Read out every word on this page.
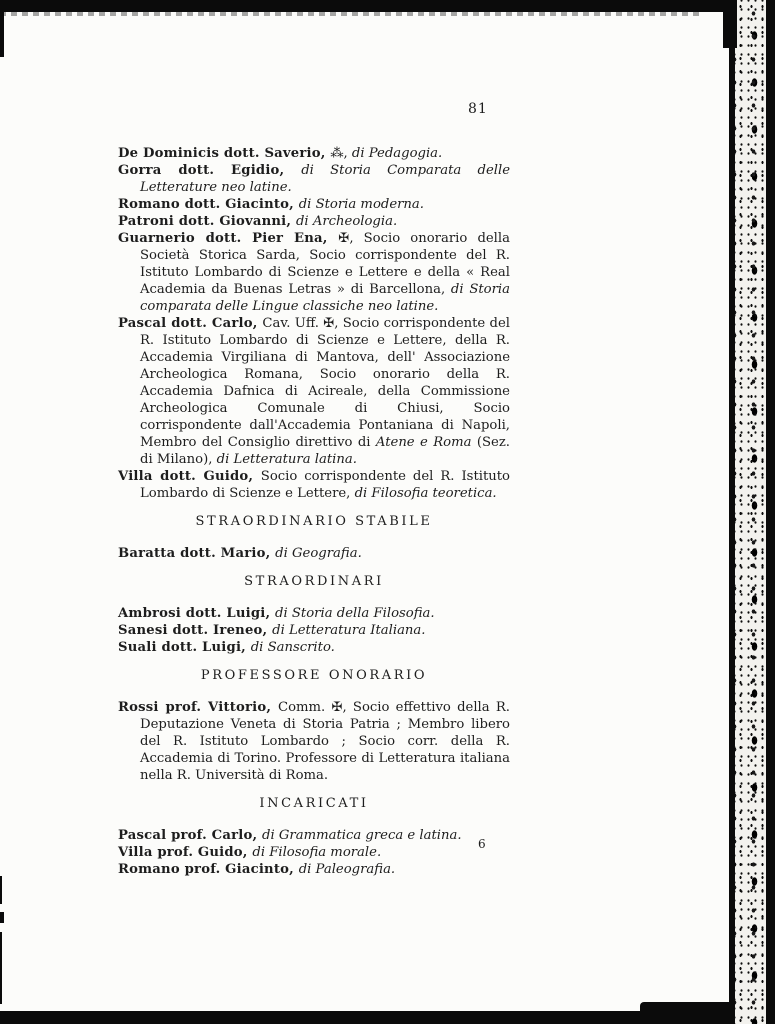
81

De Dominicis dott. Saverio, ⁂, di Pedagogia.

Gorra dott. Egidio, di Storia Comparata delle Letterature neo latine.

Romano dott. Giacinto, di Storia moderna.

Patroni dott. Giovanni, di Archeologia.

Guarnerio dott. Pier Ena, ✠, Socio onorario della Società Storica Sarda, Socio corrispondente del R. Istituto Lombardo di Scienze e Lettere e della « Real Academia da Buenas Letras » di Barcellona, di Storia comparata delle Lingue classiche neo latine.

Pascal dott. Carlo, Cav. Uff. ✠, Socio corrispondente del R. Istituto Lombardo di Scienze e Lettere, della R. Accademia Virgiliana di Mantova, dell' Associazione Archeologica Romana, Socio onorario della R. Accademia Dafnica di Acireale, della Commissione Archeologica Comunale di Chiusi, Socio corrispondente dall'Accademia Pontaniana di Napoli, Membro del Consiglio direttivo di Atene e Roma (Sez. di Milano), di Letteratura latina.

Villa dott. Guido, Socio corrispondente del R. Istituto Lombardo di Scienze e Lettere, di Filosofia teoretica.

STRAORDINARIO STABILE

Baratta dott. Mario, di Geografia.

STRAORDINARI

Ambrosi dott. Luigi, di Storia della Filosofia.

Sanesi dott. Ireneo, di Letteratura Italiana.

Suali dott. Luigi, di Sanscrito.

PROFESSORE ONORARIO

Rossi prof. Vittorio, Comm. ✠, Socio effettivo della R. Deputazione Veneta di Storia Patria ; Membro libero del R. Istituto Lombardo ; Socio corr. della R. Accademia di Torino. Professore di Letteratura italiana nella R. Università di Roma.

INCARICATI

Pascal prof. Carlo, di Grammatica greca e latina.

Villa prof. Guido, di Filosofia morale.

Romano prof. Giacinto, di Paleografia.

6
